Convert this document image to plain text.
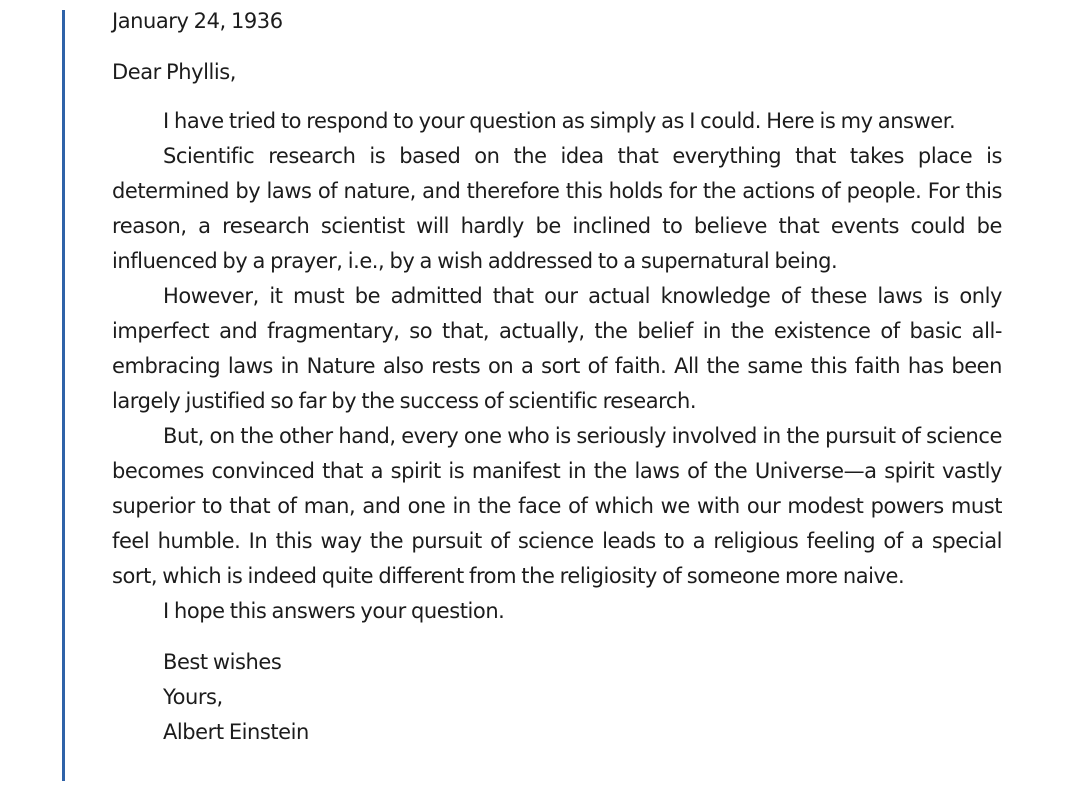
January 24, 1936

Dear Phyllis,

I have tried to respond to your question as simply as I could. Here is my answer.

Scientific research is based on the idea that everything that takes place is determined by laws of nature, and therefore this holds for the actions of people. For this reason, a research scientist will hardly be inclined to believe that events could be influenced by a prayer, i.e., by a wish addressed to a supernatural being.

However, it must be admitted that our actual knowledge of these laws is only imperfect and fragmentary, so that, actually, the belief in the existence of basic all-embracing laws in Nature also rests on a sort of faith. All the same this faith has been largely justified so far by the success of scientific research.

But, on the other hand, every one who is seriously involved in the pursuit of science becomes convinced that a spirit is manifest in the laws of the Universe—a spirit vastly superior to that of man, and one in the face of which we with our modest powers must feel humble. In this way the pursuit of science leads to a religious feeling of a special sort, which is indeed quite different from the religiosity of someone more naive.

I hope this answers your question.

Best wishes
Yours,
Albert Einstein
